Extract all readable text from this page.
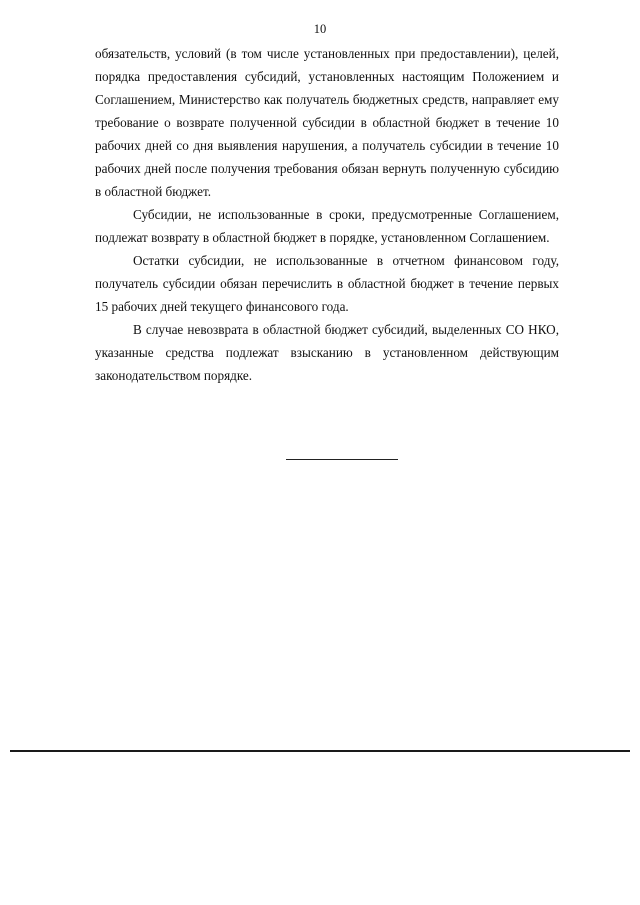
10

обязательств, условий (в том числе установленных при предоставлении), целей, порядка предоставления субсидий, установленных настоящим Положением и Соглашением, Министерство как получатель бюджетных средств, направляет ему требование о возврате полученной субсидии в областной бюджет в течение 10 рабочих дней со дня выявления нарушения, а получатель субсидии в течение 10 рабочих дней после получения требования обязан вернуть полученную субсидию в областной бюджет.

Субсидии, не использованные в сроки, предусмотренные Соглашением, подлежат возврату в областной бюджет в порядке, установленном Соглашением.

Остатки субсидии, не использованные в отчетном финансовом году, получатель субсидии обязан перечислить в областной бюджет в течение первых 15 рабочих дней текущего финансового года.

В случае невозврата в областной бюджет субсидий, выделенных СО НКО, указанные средства подлежат взысканию в установленном действующим законодательством порядке.
